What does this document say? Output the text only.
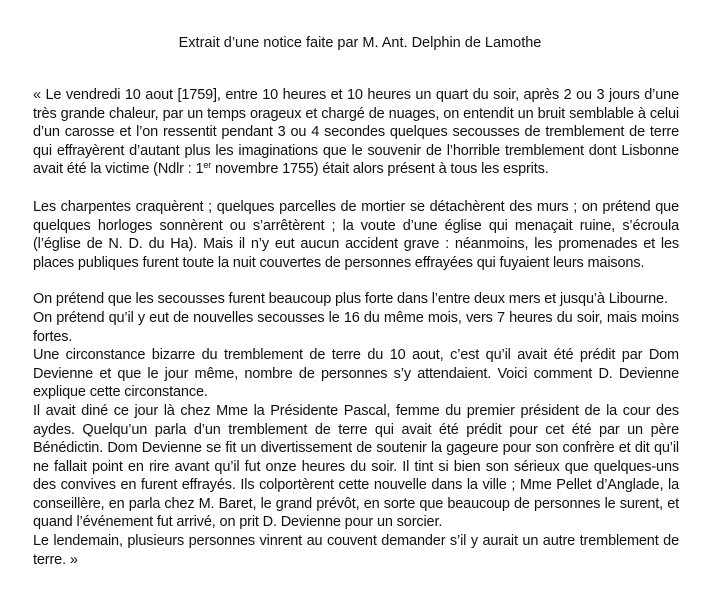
Extrait d’une notice faite par M. Ant. Delphin de Lamothe

« Le vendredi 10 aout [1759], entre 10 heures et 10 heures un quart du soir, après 2 ou 3 jours d’une très grande chaleur, par un temps orageux et chargé de nuages, on entendit un bruit semblable à celui d’un carosse et l’on ressentit pendant 3 ou 4 secondes quelques secousses de tremblement de terre qui effrayèrent d’autant plus les imaginations que le souvenir de l’horrible tremblement dont Lisbonne avait été la victime (Ndlr : 1er novembre 1755) était alors présent à tous les esprits.

Les charpentes craquèrent ; quelques parcelles de mortier se détachèrent des murs ; on prétend que quelques horloges sonnèrent ou s’arrêtèrent ; la voute d’une église qui menaçait ruine, s’écroula (l’église de N. D. du Ha). Mais il n’y eut aucun accident grave : néanmoins, les promenades et les places publiques furent toute la nuit couvertes de personnes effrayées qui fuyaient leurs maisons.

On prétend que les secousses furent beaucoup plus forte dans l’entre deux mers et jusqu’à Libourne.

On prétend qu’il y eut de nouvelles secousses le 16 du même mois, vers 7 heures du soir, mais moins fortes.

Une circonstance bizarre du tremblement de terre du 10 aout, c’est qu’il avait été prédit par Dom Devienne et que le jour même, nombre de personnes s’y attendaient. Voici comment D. Devienne explique cette circonstance.

Il avait diné ce jour là chez Mme la Présidente Pascal, femme du premier président de la cour des aydes. Quelqu’un parla d’un tremblement de terre qui avait été prédit pour cet été par un père Bénédictin. Dom Devienne se fit un divertissement de soutenir la gageure pour son confrère et dit qu’il ne fallait point en rire avant qu’il fut onze heures du soir. Il tint si bien son sérieux que quelques-uns des convives en furent effrayés. Ils colportèrent cette nouvelle dans la ville ; Mme Pellet d’Anglade, la conseillère, en parla chez M. Baret, le grand prévôt, en sorte que beaucoup de personnes le surent, et quand l’événement fut arrivé, on prit D. Devienne pour un sorcier.

Le lendemain, plusieurs personnes vinrent au couvent demander s’il y aurait un autre tremblement de terre. »
